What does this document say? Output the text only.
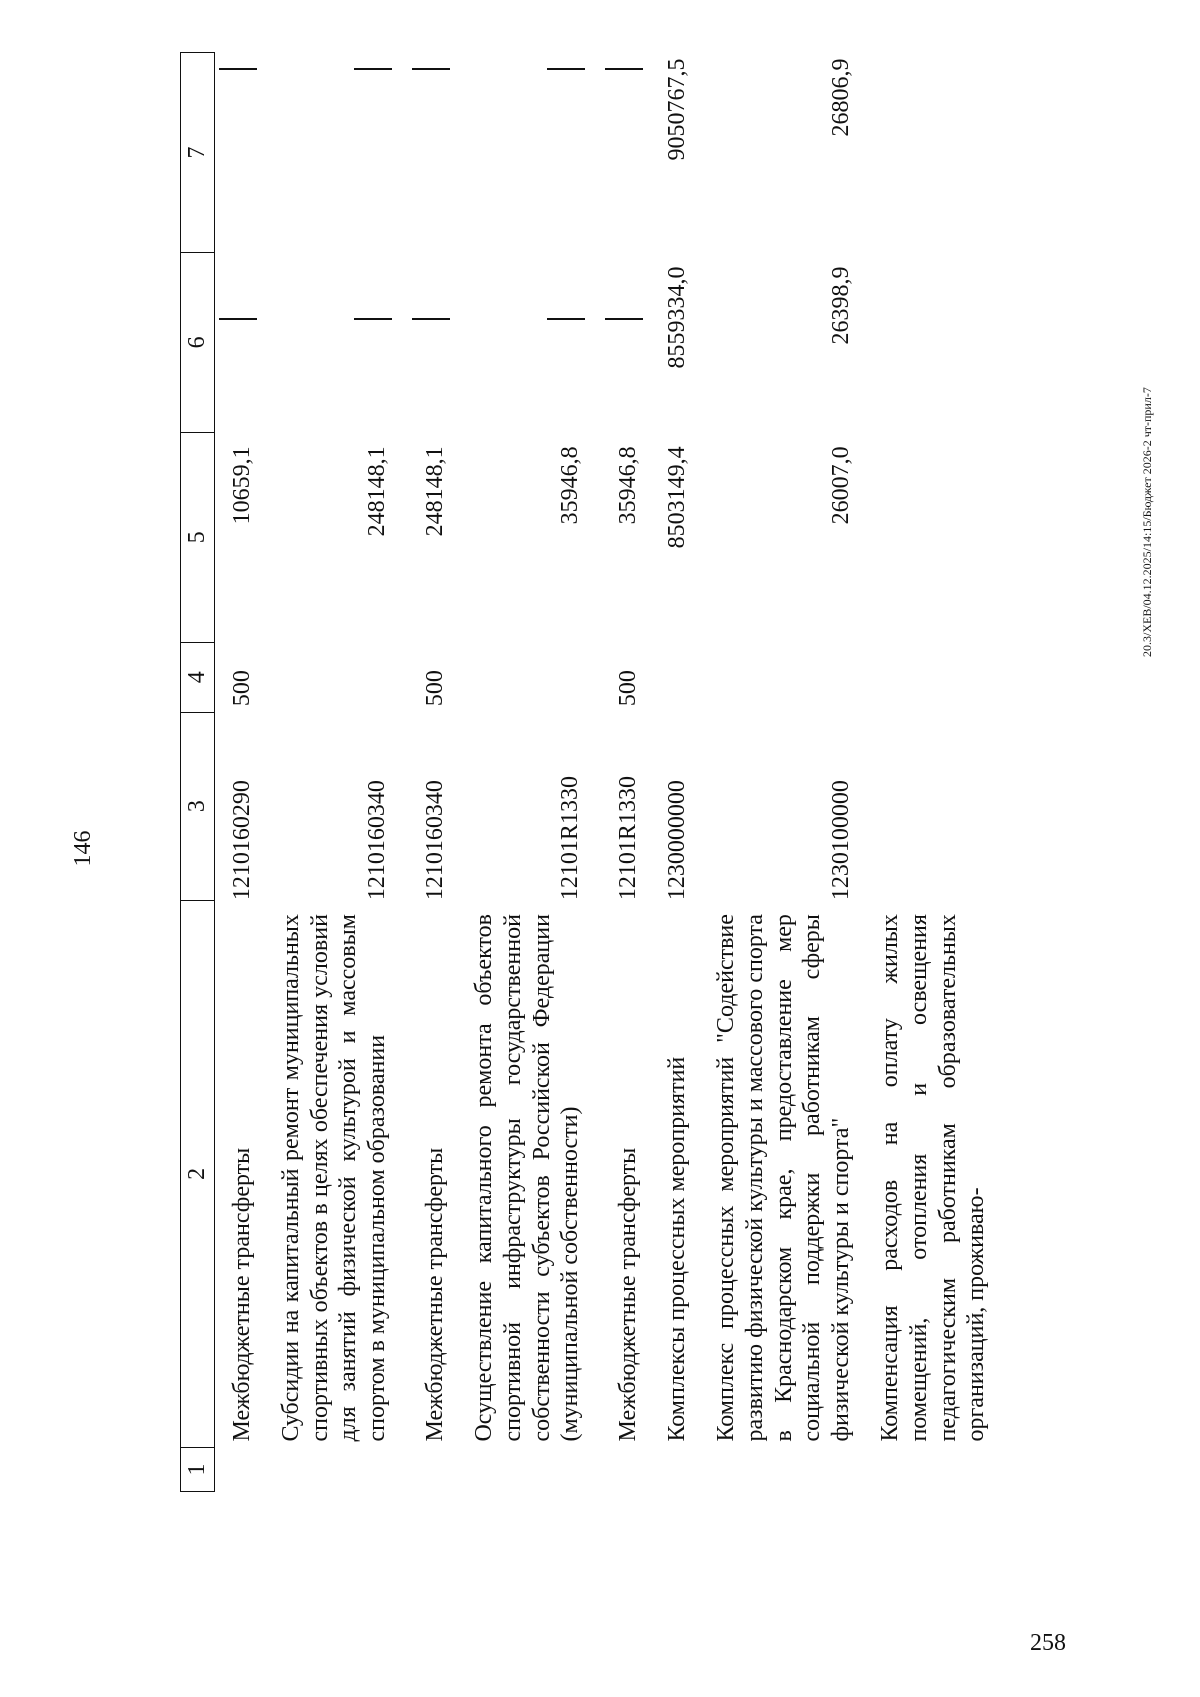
146
1	2	3	4	5	6	7
	Межбюджетные трансферты	1210160290	500	10659,1		
	Субсидии на капитальный ремонт муниципальных спортивных объектов в целях обеспечения условий для занятий физической культурой и массовым спортом в муниципальном образовании	1210160340		248148,1		
	Межбюджетные трансферты	1210160340	500	248148,1		
	Осуществление капитального ремонта объектов спортивной инфраструктуры государственной собственности субъектов Российской Федерации (муниципальной собственности)	12101R1330		35946,8		
	Межбюджетные трансферты	12101R1330	500	35946,8		
	Комплексы процессных мероприятий	1230000000		8503149,4	8559334,0	9050767,5
	Комплекс процессных мероприятий "Содействие развитию физической культуры и массового спорта в Краснодарском крае, предоставление мер социальной поддержки работникам сферы физической культуры и спорта"	1230100000		26007,0	26398,9	26806,9
	Компенсация расходов на оплату жилых помещений, отопления и освещения педагогическим работникам образовательных организаций, проживаю-					
20.3/XEB/04.12.2025/14:15/Бюджет 2026-2 чт-прил-7
258
